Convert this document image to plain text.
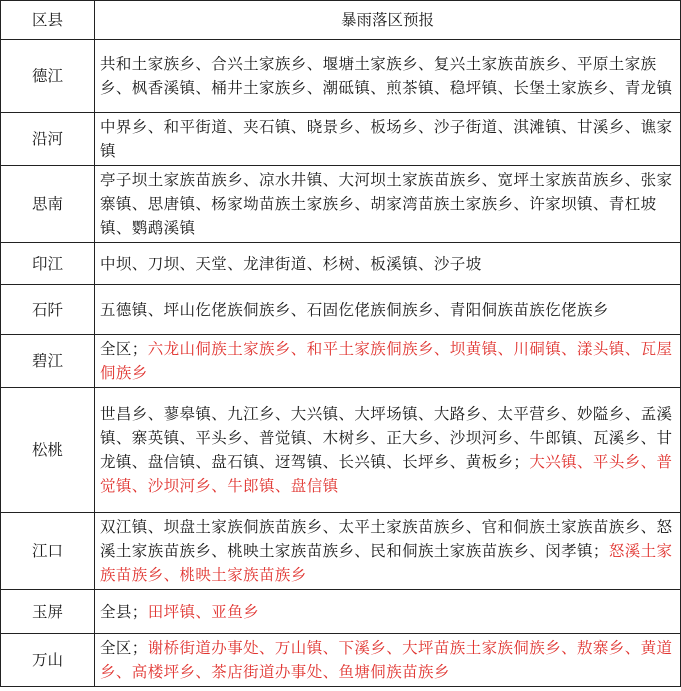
区县	暴雨落区预报
德江	共和土家族乡、合兴土家族乡、堰塘土家族乡、复兴土家族苗族乡、平原土家族乡、枫香溪镇、桶井土家族乡、潮砥镇、煎茶镇、稳坪镇、长堡土家族乡、青龙镇
沿河	中界乡、和平街道、夹石镇、晓景乡、板场乡、沙子街道、淇滩镇、甘溪乡、谯家镇
思南	亭子坝土家族苗族乡、凉水井镇、大河坝土家族苗族乡、宽坪土家族苗族乡、张家寨镇、思唐镇、杨家坳苗族土家族乡、胡家湾苗族土家族乡、许家坝镇、青杠坡镇、鹦鹉溪镇
印江	中坝、刀坝、天堂、龙津街道、杉树、板溪镇、沙子坡
石阡	五德镇、坪山仡佬族侗族乡、石固仡佬族侗族乡、青阳侗族苗族仡佬族乡
碧江	全区；六龙山侗族土家族乡、和平土家族侗族乡、坝黄镇、川硐镇、漾头镇、瓦屋侗族乡
松桃	世昌乡、蓼皋镇、九江乡、大兴镇、大坪场镇、大路乡、太平营乡、妙隘乡、孟溪镇、寨英镇、平头乡、普觉镇、木树乡、正大乡、沙坝河乡、牛郎镇、瓦溪乡、甘龙镇、盘信镇、盘石镇、迓驾镇、长兴镇、长坪乡、黄板乡；大兴镇、平头乡、普觉镇、沙坝河乡、牛郎镇、盘信镇
江口	双江镇、坝盘土家族侗族苗族乡、太平土家族苗族乡、官和侗族土家族苗族乡、怒溪土家族苗族乡、桃映土家族苗族乡、民和侗族土家族苗族乡、闵孝镇；怒溪土家族苗族乡、桃映土家族苗族乡
玉屏	全县；田坪镇、亚鱼乡
万山	全区；谢桥街道办事处、万山镇、下溪乡、大坪苗族土家族侗族乡、敖寨乡、黄道乡、高楼坪乡、茶店街道办事处、鱼塘侗族苗族乡
